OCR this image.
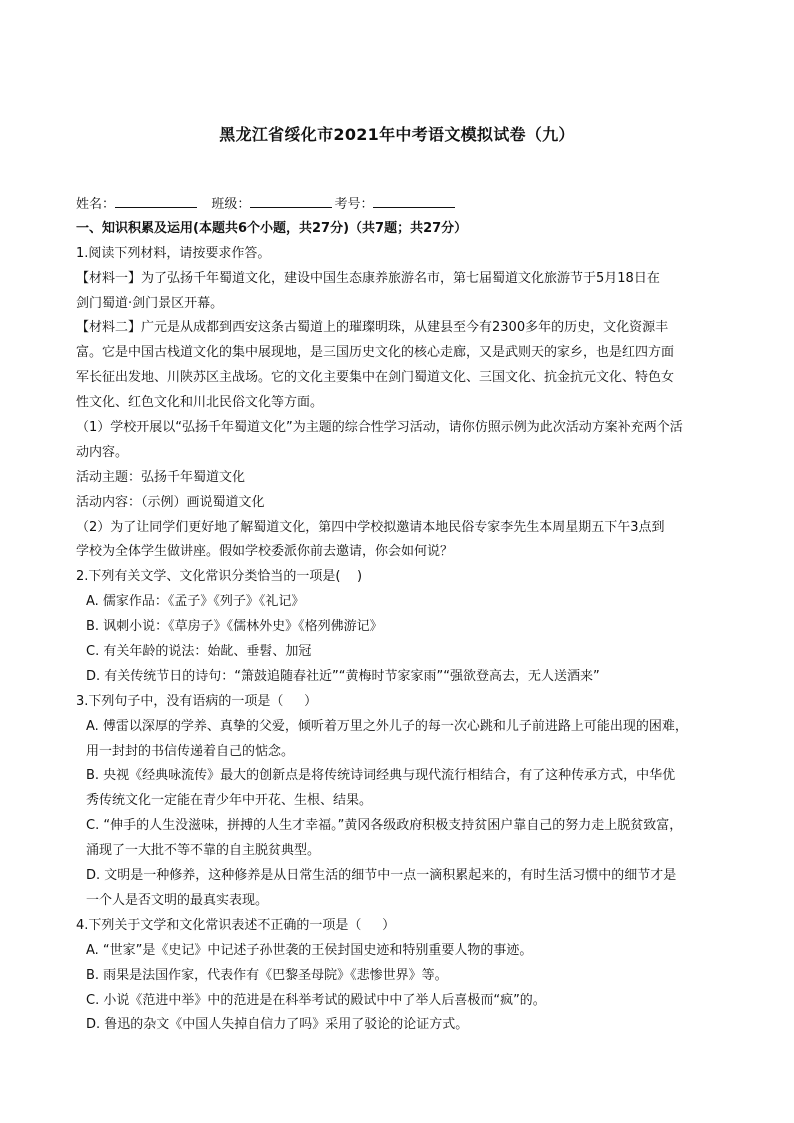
黑龙江省绥化市2021年中考语文模拟试卷（九）
姓名：	班级：	考号：
一、知识积累及运用(本题共6个小题，共27分)（共7题；共27分）
1.阅读下列材料，请按要求作答。
【材料一】为了弘扬千年蜀道文化，建设中国生态康养旅游名市，第七届蜀道文化旅游节于5月18日在
剑门蜀道·剑门景区开幕。
【材料二】广元是从成都到西安这条古蜀道上的璀璨明珠，从建县至今有2300多年的历史，文化资源丰
富。它是中国古栈道文化的集中展现地，是三国历史文化的核心走廊，又是武则天的家乡，也是红四方面
军长征出发地、川陕苏区主战场。它的文化主要集中在剑门蜀道文化、三国文化、抗金抗元文化、特色女
性文化、红色文化和川北民俗文化等方面。
（1）学校开展以“弘扬千年蜀道文化”为主题的综合性学习活动，请你仿照示例为此次活动方案补充两个活
动内容。
活动主题：弘扬千年蜀道文化
活动内容：（示例）画说蜀道文化
（2）为了让同学们更好地了解蜀道文化，第四中学校拟邀请本地民俗专家李先生本周星期五下午3点到
学校为全体学生做讲座。假如学校委派你前去邀请，你会如何说？
2.下列有关文学、文化常识分类恰当的一项是(    )
A. 儒家作品：《孟子》《列子》《礼记》
B. 讽刺小说：《草房子》《儒林外史》《格列佛游记》
C. 有关年龄的说法：始龀、垂髫、加冠
D. 有关传统节日的诗句：“箫鼓追随春社近”“黄梅时节家家雨”“强欲登高去，无人送酒来”
3.下列句子中，没有语病的一项是（     ）
A. 傅雷以深厚的学养、真挚的父爱，倾听着万里之外儿子的每一次心跳和儿子前进路上可能出现的困难，
用一封封的书信传递着自己的惦念。
B. 央视《经典咏流传》最大的创新点是将传统诗词经典与现代流行相结合，有了这种传承方式，中华优
秀传统文化一定能在青少年中开花、生根、结果。
C. “伸手的人生没滋味，拼搏的人生才幸福。”黄冈各级政府积极支持贫困户靠自己的努力走上脱贫致富，
涌现了一大批不等不靠的自主脱贫典型。
D. 文明是一种修养，这种修养是从日常生活的细节中一点一滴积累起来的，有时生活习惯中的细节才是
一个人是否文明的最真实表现。
4.下列关于文学和文化常识表述不正确的一项是（     ）
A. “世家”是《史记》中记述子孙世袭的王侯封国史迹和特别重要人物的事迹。
B. 雨果是法国作家，代表作有《巴黎圣母院》《悲惨世界》等。
C. 小说《范进中举》中的范进是在科举考试的殿试中中了举人后喜极而“疯”的。
D. 鲁迅的杂文《中国人失掉自信力了吗》采用了驳论的论证方式。
